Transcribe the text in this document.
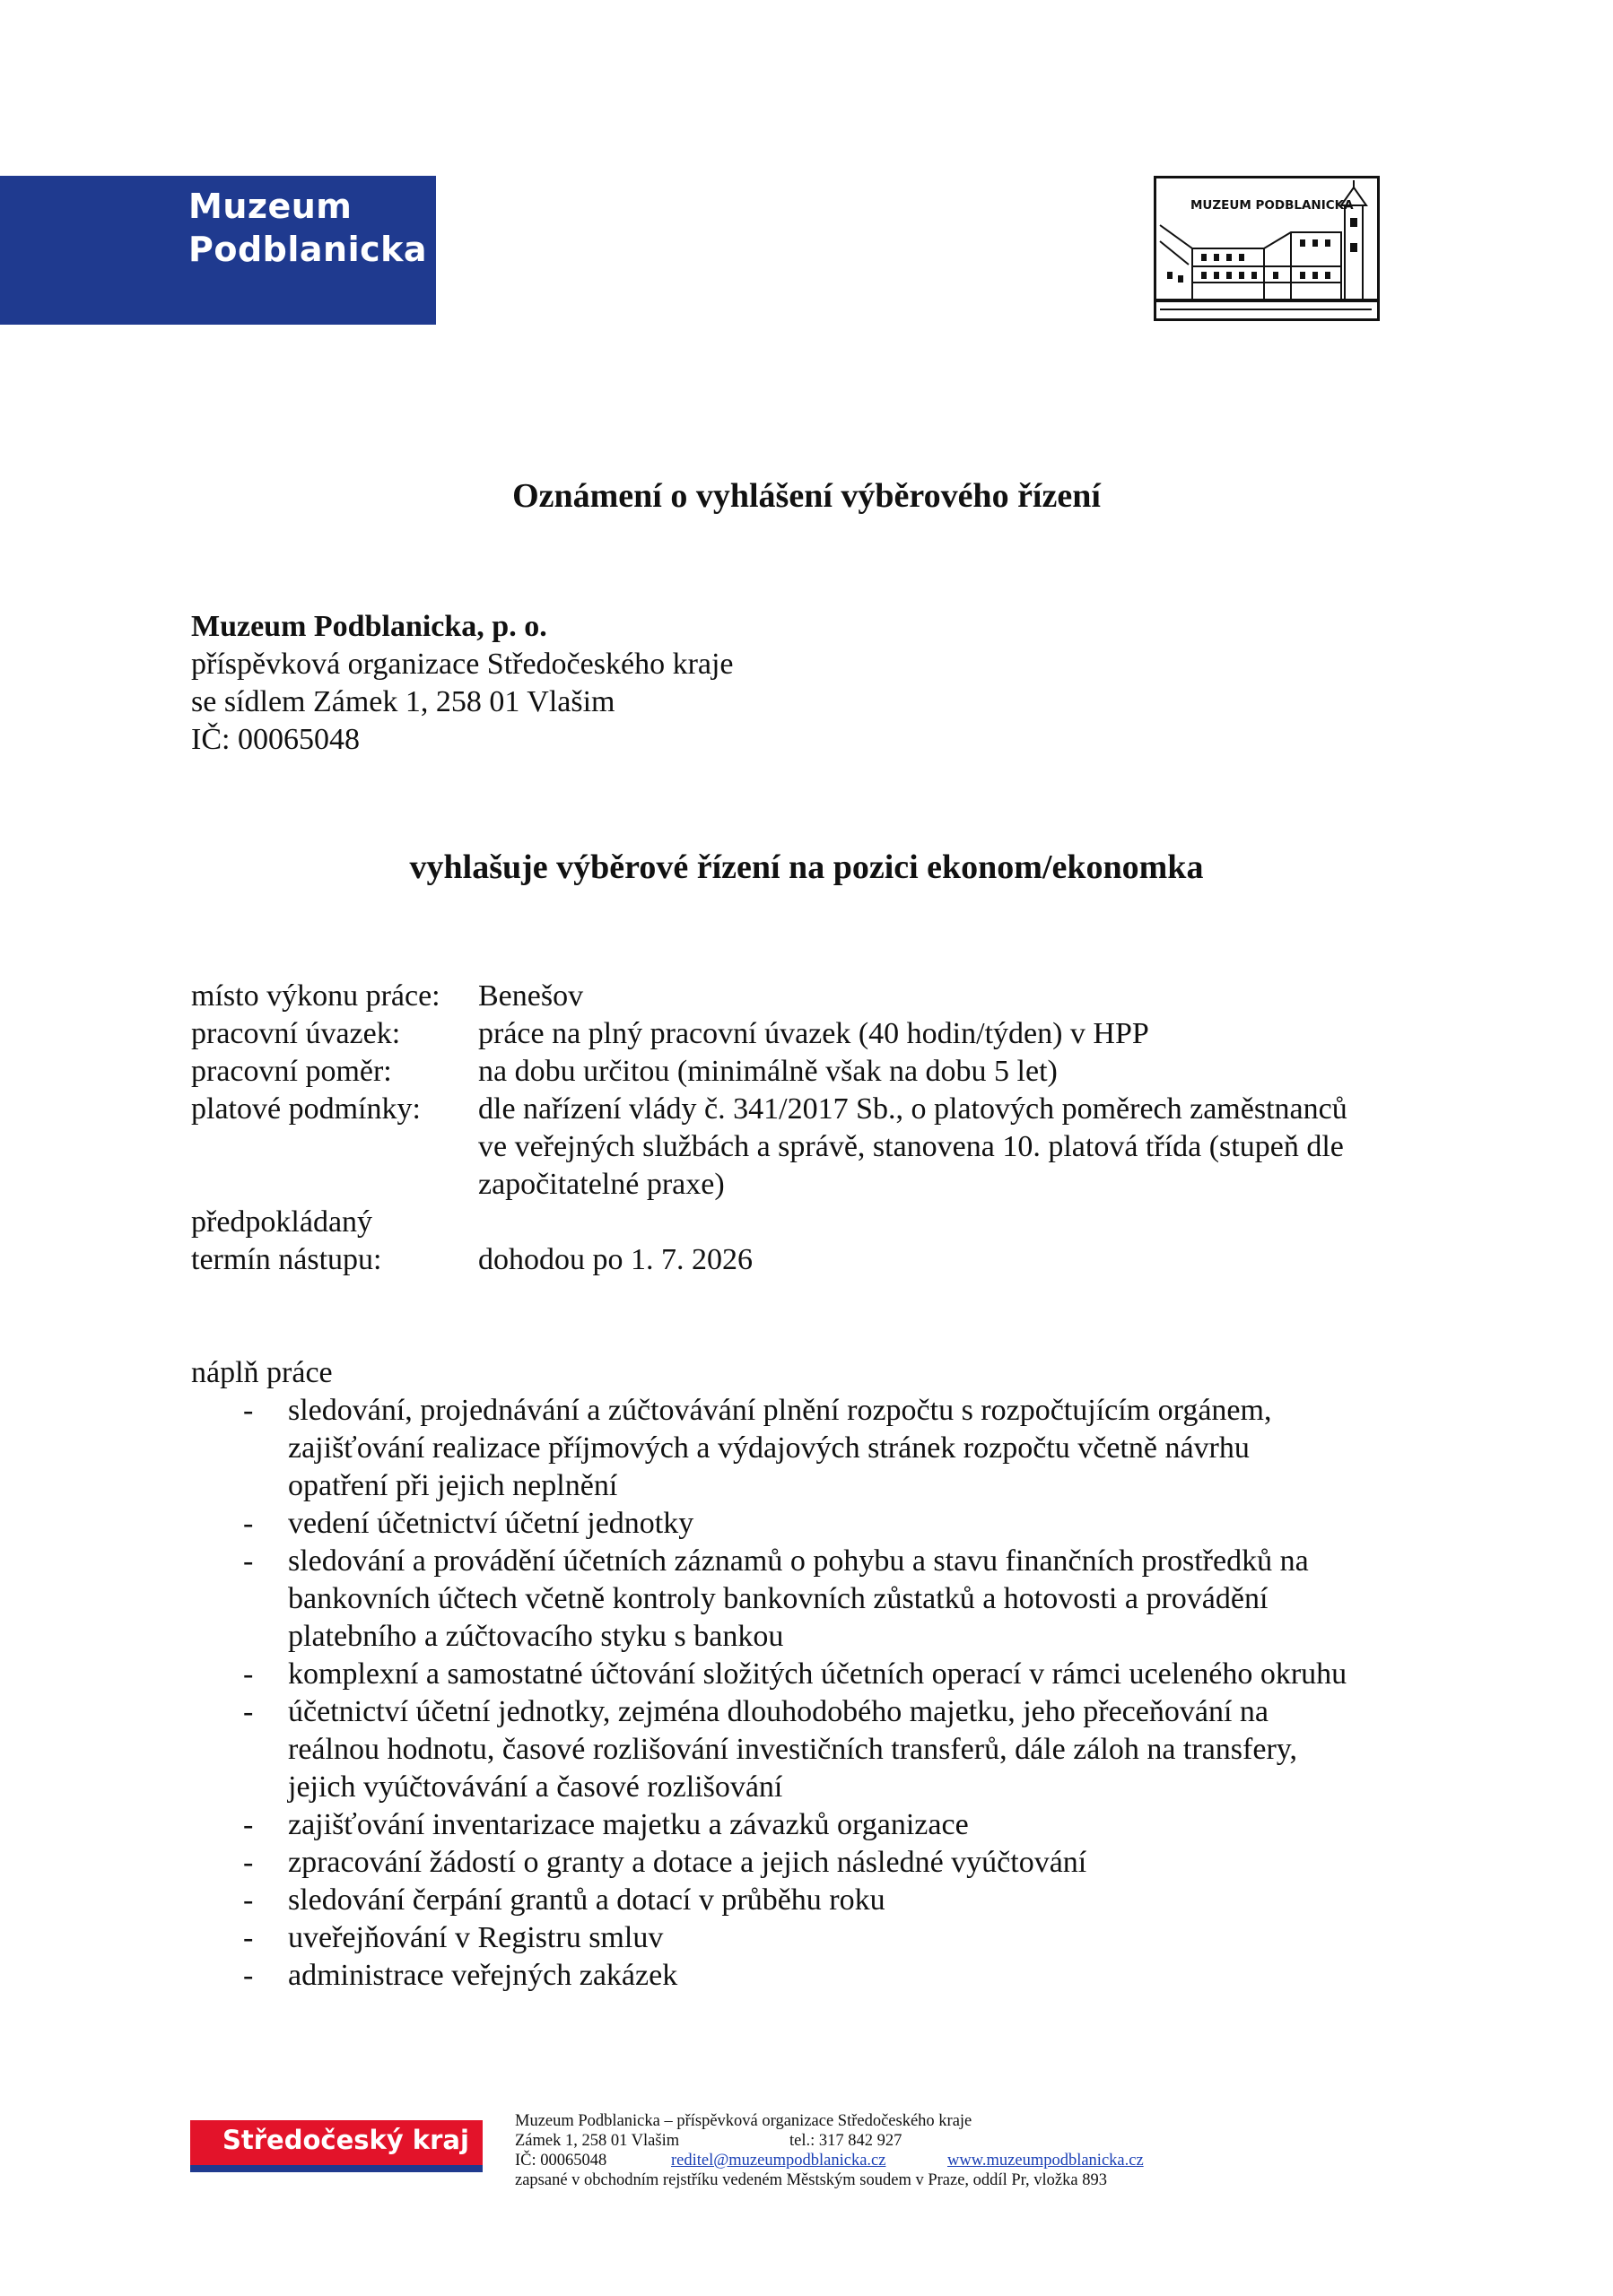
Muzeum
Podblanicka
MUZEUM PODBLANICKA
Oznámení o vyhlášení výběrového řízení
Muzeum Podblanicka, p. o.
příspěvková organizace Středočeského kraje
se sídlem Zámek 1, 258 01 Vlašim
IČ: 00065048
vyhlašuje výběrové řízení na pozici ekonom/ekonomka
místo výkonu práce: Benešov
pracovní úvazek:	práce na plný pracovní úvazek (40 hodin/týden) v HPP
pracovní poměr:	na dobu určitou (minimálně však na dobu 5 let)
platové podmínky: dle nařízení vlády č. 341/2017 Sb., o platových poměrech zaměstnanců
ve veřejných službách a správě, stanovena 10. platová třída (stupeň dle
započitatelné praxe)
předpokládaný
termín nástupu:	dohodou po 1. 7. 2026
náplň práce
- sledování, projednávání a zúčtovávání plnění rozpočtu s rozpočtujícím orgánem,
zajišťování realizace příjmových a výdajových stránek rozpočtu včetně návrhu
opatření při jejich neplnění
- vedení účetnictví účetní jednotky
- sledování a provádění účetních záznamů o pohybu a stavu finančních prostředků na
bankovních účtech včetně kontroly bankovních zůstatků a hotovosti a provádění
platebního a zúčtovacího styku s bankou
- komplexní a samostatné účtování složitých účetních operací v rámci uceleného okruhu
- účetnictví účetní jednotky, zejména dlouhodobého majetku, jeho přeceňování na
reálnou hodnotu, časové rozlišování investičních transferů, dále záloh na transfery,
jejich vyúčtovávání a časové rozlišování
- zajišťování inventarizace majetku a závazků organizace
- zpracování žádostí o granty a dotace a jejich následné vyúčtování
- sledování čerpání grantů a dotací v průběhu roku
- uveřejňování v Registru smluv
- administrace veřejných zakázek
Středočeský kraj
Muzeum Podblanicka – příspěvková organizace Středočeského kraje
Zámek 1, 258 01 Vlašim	tel.: 317 842 927
IČ: 00065048	reditel@muzeumpodblanicka.cz	www.muzeumpodblanicka.cz
zapsané v obchodním rejstříku vedeném Městským soudem v Praze, oddíl Pr, vložka 893
